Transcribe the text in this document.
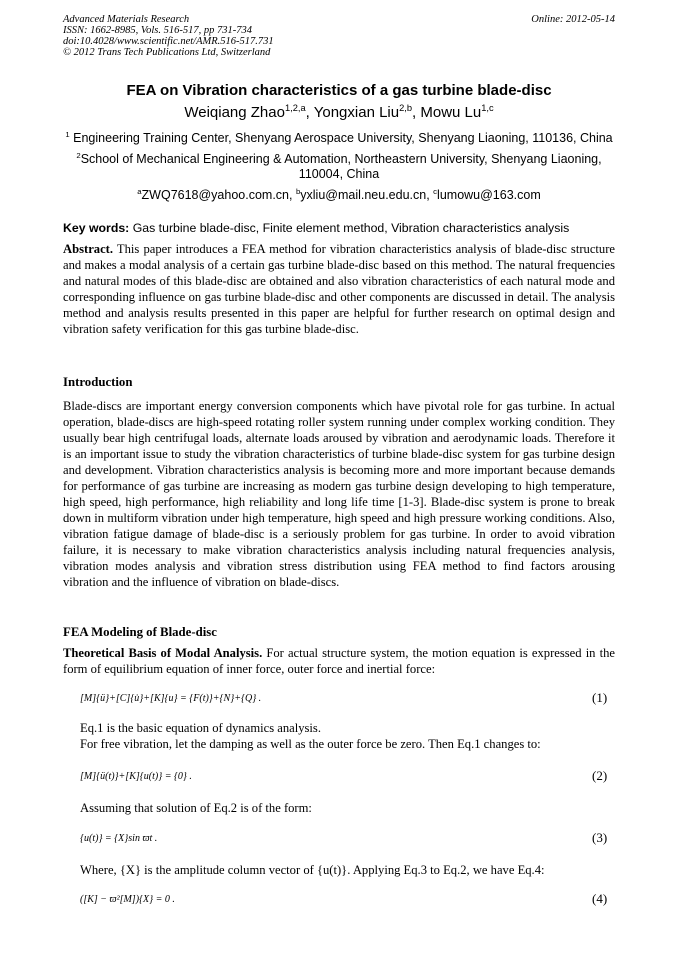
Advanced Materials Research
ISSN: 1662-8985, Vols. 516-517, pp 731-734
doi:10.4028/www.scientific.net/AMR.516-517.731
© 2012 Trans Tech Publications Ltd, Switzerland
Online: 2012-05-14
FEA on Vibration characteristics of a gas turbine blade-disc
Weiqiang Zhao$^{1,2,a}$, Yongxian Liu$^{2,b}$, Mowu Lu$^{1,c}$
$^1$ Engineering Training Center, Shenyang Aerospace University, Shenyang Liaoning, 110136, China
$^2$School of Mechanical Engineering & Automation, Northeastern University, Shenyang Liaoning,
110004, China
$^a$ZWQ7618@yahoo.com.cn, $^b$yxliu@mail.neu.edu.cn, $^c$lumowu@163.com
Key words: Gas turbine blade-disc, Finite element method, Vibration characteristics analysis
Abstract. This paper introduces a FEA method for vibration characteristics analysis of blade-disc structure and makes a modal analysis of a certain gas turbine blade-disc based on this method. The natural frequencies and natural modes of this blade-disc are obtained and also vibration characteristics of each natural mode and corresponding influence on gas turbine blade-disc and other components are discussed in detail. The analysis method and analysis results presented in this paper are helpful for further research on optimal design and vibration safety verification for this gas turbine blade-disc.
Introduction
Blade-discs are important energy conversion components which have pivotal role for gas turbine. In actual operation, blade-discs are high-speed rotating roller system running under complex working condition. They usually bear high centrifugal loads, alternate loads aroused by vibration and aerodynamic loads. Therefore it is an important issue to study the vibration characteristics of turbine blade-disc system for gas turbine design and development. Vibration characteristics analysis is becoming more and more important because demands for performance of gas turbine are increasing as modern gas turbine design developing to high temperature, high speed, high performance, high reliability and long life time [1-3]. Blade-disc system is prone to break down in multiform vibration under high temperature, high speed and high pressure working conditions. Also, vibration fatigue damage of blade-disc is a seriously problem for gas turbine. In order to avoid vibration failure, it is necessary to make vibration characteristics analysis including natural frequencies analysis, vibration modes analysis and vibration stress distribution using FEA method to find factors arousing vibration and the influence of vibration on blade-discs.
FEA Modeling of Blade-disc
Theoretical Basis of Modal Analysis. For actual structure system, the motion equation is expressed in the form of equilibrium equation of inner force, outer force and inertial force:
[M]{ü}+[C]{u̇}+[K]{u} = {F(t)}+{N}+{Q} .	(1)
Eq.1 is the basic equation of dynamics analysis.
For free vibration, let the damping as well as the outer force be zero. Then Eq.1 changes to:
[M]{ü(t)}+[K]{u(t)} = {0} .	(2)
Assuming that solution of Eq.2 is of the form:
{u(t)} = {X}sin ϖt .	(3)
Where, {X} is the amplitude column vector of {u(t)}. Applying Eq.3 to Eq.2, we have Eq.4:
([K] − ϖ²[M]){X} = 0 .	(4)
